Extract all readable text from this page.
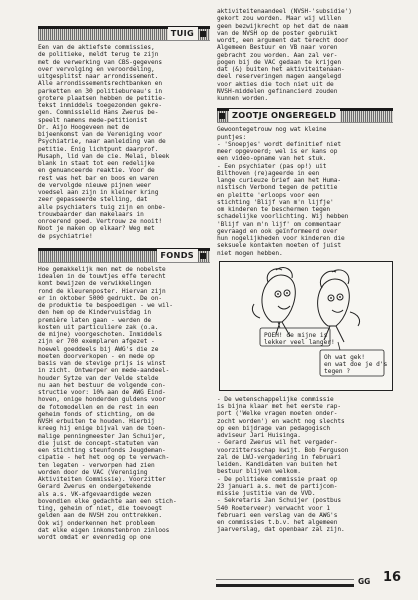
TUIG

Een van de aktiefste commissies,
de politieke, meldt terug te zijn
met de verwerking van CBS-gegevens
over vervolging en veroordeling,
uitgesplitst naar arrondissement.
Alle arrondissementsrechtbanken en
parketten en 30 politiebureau's in
grotere plaatsen hebben de petitie-
tekst inmiddels toegezonden gekre-
gen. Commissielid Hans Zwerus be-
speelt namens mede-petitionist
Dr. Aijo Hoogeveen met de
bijeenkomst van de Vereniging voor
Psychiatrie, naar aanleiding van de
petitie. Enig lichtpunt daarprof.
Musaph, lid van de cie. Melai, bleek
blank in staat tot een redelijke
en genuanceerde reaktie. Voor de
rest was het bar en boos en waren
de vervolgde nieuwe pijnen weer
voedsel aan zijn in kleiner kring
zeer gepasseerde stelling, dat
alle psychiaters tuig zijn en onbe-
trouwbaarder dan makelaars in
onroerend goed. Vertrouw ze nooit!
Noot je maken op elkaar? Weg met
de psychiatrie!

FONDS

Hoe gemakkelijk men met de nobelste
idealen in de touwtjes effe terecht
komt bewijzen de verwikkelingen
rond de kleurenposter. Hiervan zijn
er in oktober 5000 gedrukt. De on-
de produktie te bespoedigen - we wil-
den hem op de Kindervuistdag in
première laten gaan - werden de
kosten uit particuliere zak (o.a.
de mijne) voorgeschoten. Inmiddels
zijn er 700 exemplaren afgezet -
hoewel goeddeels bij AWG's die ze
moeten doorverkopen - en mede op
basis van de stevige prijs is winst
in zicht. Ontwerper en mede-aandeel-
houder Sytze van der Velde stelde
nu aan het bestuur de volgende con-
structie voor: 10% aan de AWG Eind-
hoven, onige honderden guldens voor
de fotomodellen en de rest in een
geheim fonds of stichting, om de
NVSH erbuiten te houden. Hierbij
kreeg hij enige bijval van de toen-
malige penningmeester Jan Schuijer,
die juist de concept-statuten van
een stichting steunfonds Jeugdeman-
cipatie - het het oog op te verwach-
ten legaten - verworpen had zien
worden door de VAC (Vereniging
Aktiviteiten Commissie). Voorzitter
Gerard Zwerus en ondergetekende
als a.s. VK-afgevaardigde wezen
bovendien elke gedachte aan een stich-
ting, geheim of niet, die toevoegt
gelden aan de NVSH zou onttrekken.
Ook wij onderkennen het probleem
dat elke eigen inkomstenbron zinloos
wordt omdat er evenredig op one

aktiviteitenaandeel (NVSH-'subsidie')
gekort zou worden. Maar wij willen
geen bezwijkrecht op het dat de naam
van de NVSH op de poster gebruikt
wordt, een argument dat terecht door
Algemeen Bestuur en VB naar voren
gebracht zou worden. Aan zal ver-
pogen bij de VAC gedaan te krijgen
dat (&) buiten het aktiviteitenaan-
deel reserveringen magen aangelegd
voor akties die toch niet uit de
NVSH-middelen gefinancierd zouden
kunnen worden.

ZOOTJE ONGEREGELD

Gewoontegetrouw nog wat kleine
puntjes:
- 'Snoepjes' wordt definitief niet
meer opgevoerd; wel is er kans op
een video-opname van het stuk.
- Een psychiater (pas op!) uit
Bilthoven (re)ageerde in een
lange curieuze brief aan het Huma-
nistisch Verbond tegen de petitie
en pleitte 'erloops voor een
stichting 'Blijf van m'n lijfje'
om kinderen te beschermen tegen
schadelijke voorlichting. Wij hebben
'Blijf van m'n lijf' om commentaar
gevraagd en ook geïnformeerd over
hun nogelijkheden voor kinderen die
seksuele kontakten moeten of juist
niet mogen hebben.

POEH! de mijne is
lekker veel langer!
Oh wat gek!
en wat doe je d's
tegen ?

- De wetenschappelijke commissie
is bijna klaar met het eerste rap-
port ('Welke vragen moeten onder-
zocht worden') en wacht nog slechts
op een bijdrage van pedagogisch
adviseur Jari Huisinga.
- Gerard Zwerus wil het vergader-
voorzittersschap kwijt. Bob Ferguson
zal de LWJ-vergadering in februari
leiden. Kandidaten van buiten het
bestuur blijven welkom.
- De politieke commissie praat op
23 januari a.s. met de partijcom-
missie justitie van de VVD.
- Sekretaris Jan Schuijer (postbus
540 Roeterveer) verwacht voor 1
februari een verslag van de AWG's
en commissies t.b.v. het algemeen
jaarverslag, dat openbaar zal zijn.

GG 16
